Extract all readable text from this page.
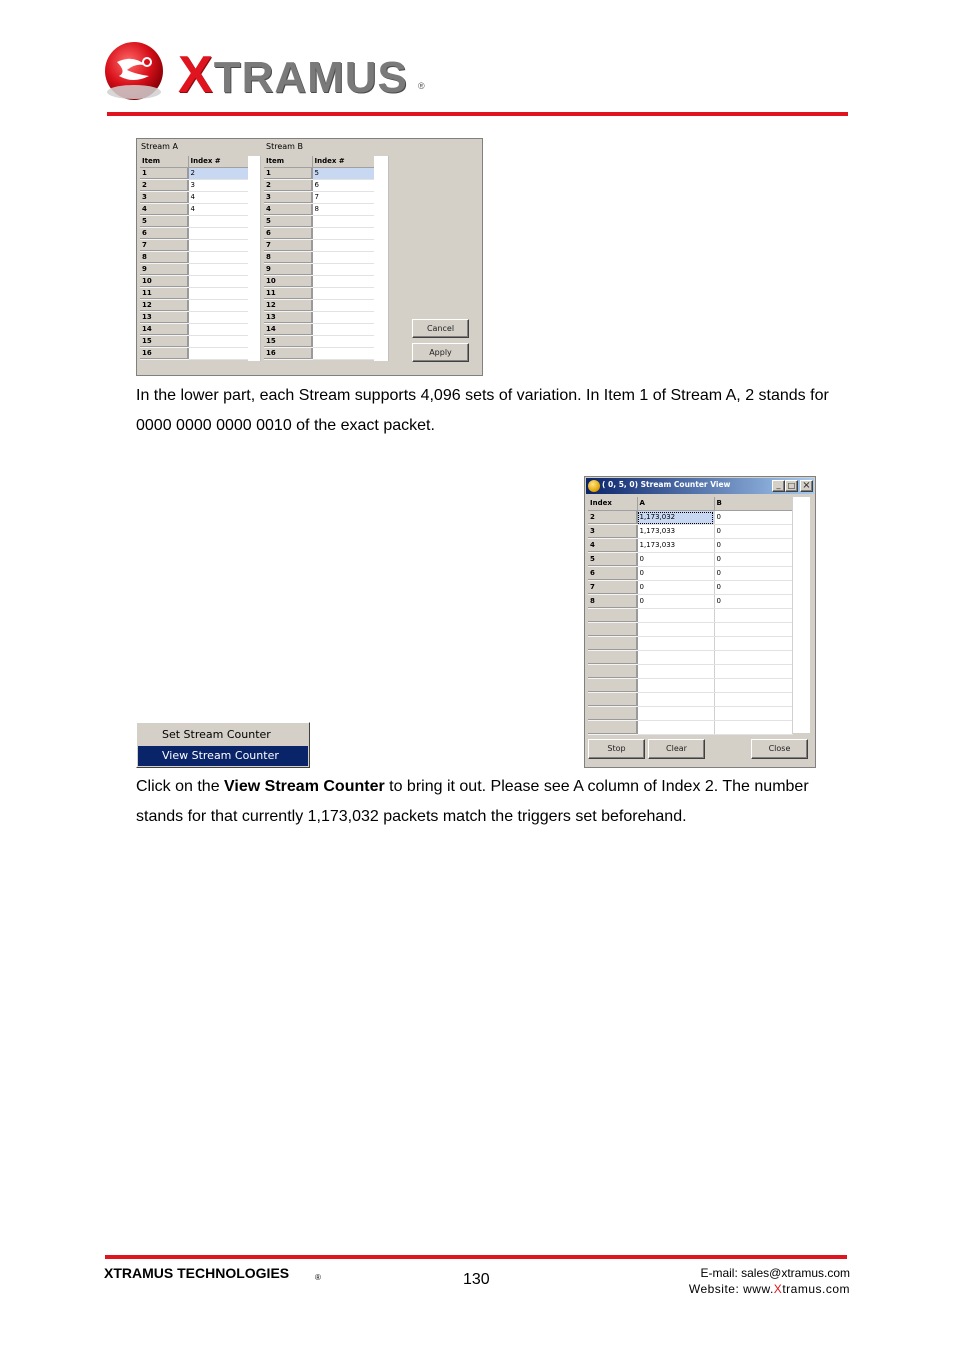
XTRAMUS ®
Stream A	Stream B
Item	Index #
1	2
2	3
3	4
4	4
5	
6	
7	
8	
9	
10	
11	
12	
13	
14	
15	
16	
Item	Index #
1	5
2	6
3	7
4	8
5	
6	
7	
8	
9	
10	
11	
12	
13	
14	
15	
16	
Cancel
Apply
In the lower part, each Stream supports 4,096 sets of variation. In Item 1 of Stream A, 2 stands for 0000 0000 0000 0010 of the exact packet.
Set Stream Counter
View Stream Counter
( 0, 5, 0) Stream Counter View	_ □ ×
Index	A	B
2	1,173,032	0
3	1,173,033	0
4	1,173,033	0
5	0	0
6	0	0
7	0	0
8	0	0

Stop	Clear	Close
Click on the View Stream Counter to bring it out. Please see A column of Index 2. The number stands for that currently 1,173,032 packets match the triggers set beforehand.
XTRAMUS TECHNOLOGIES	®	130	E-mail: sales@xtramus.com
Website: www.Xtramus.com
